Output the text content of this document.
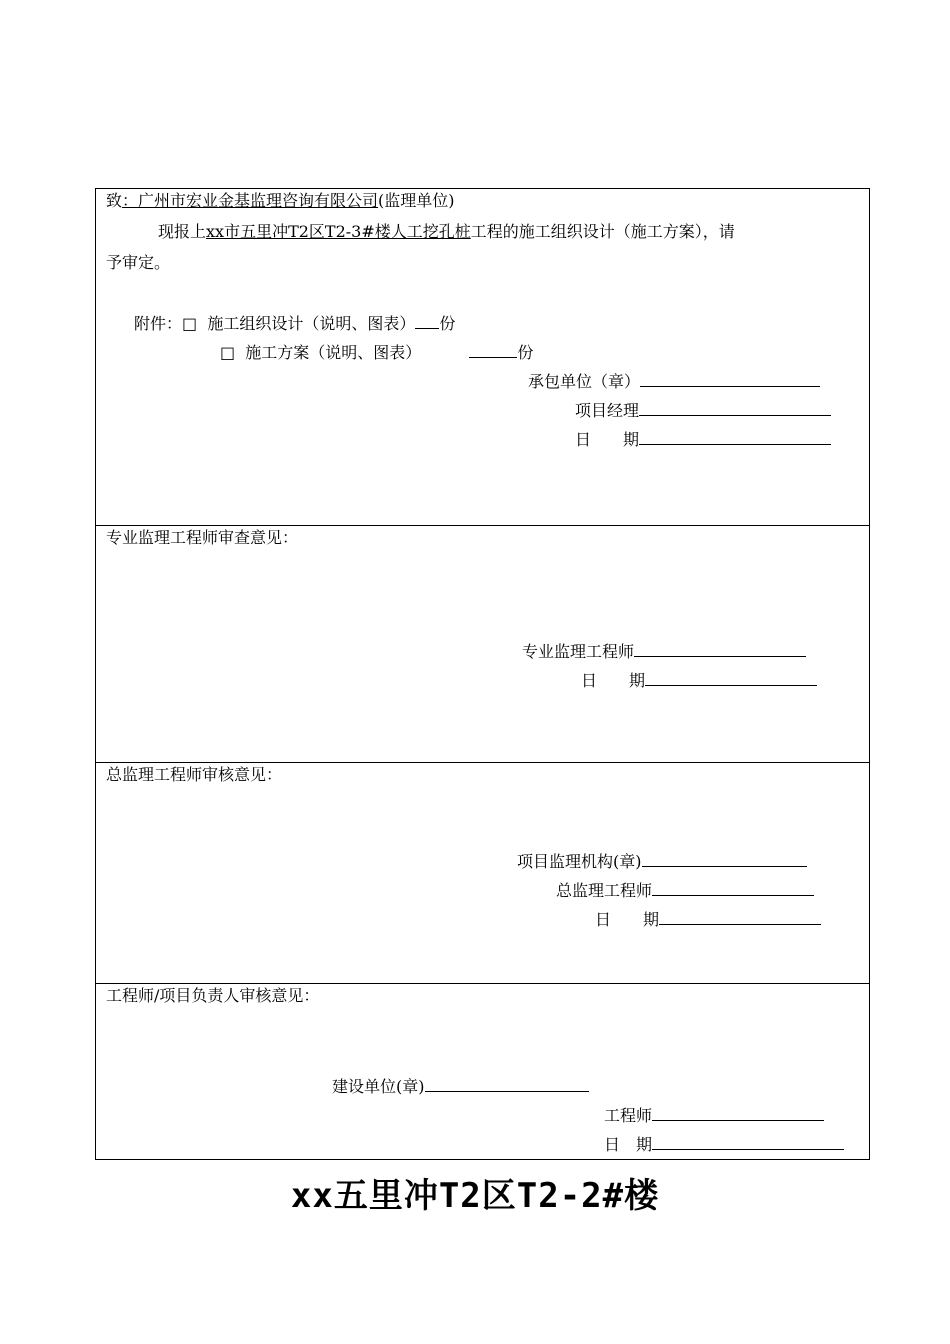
致：广州市宏业金基监理咨询有限公司(监理单位)
现报上xx市五里冲T2区T2-3#楼人工挖孔桩工程的施工组织设计（施工方案），请
予审定。
附件：□ 施工组织设计（说明、图表） 份
□ 施工方案（说明、图表）	份
承包单位（章）
项目经理
日　　期
专业监理工程师审查意见：
专业监理工程师
日　　期
总监理工程师审核意见：
项目监理机构(章)
总监理工程师
日　　期
工程师/项目负责人审核意见：
建设单位(章)
工程师
日　期
xx五里冲T2区T2-2#楼
